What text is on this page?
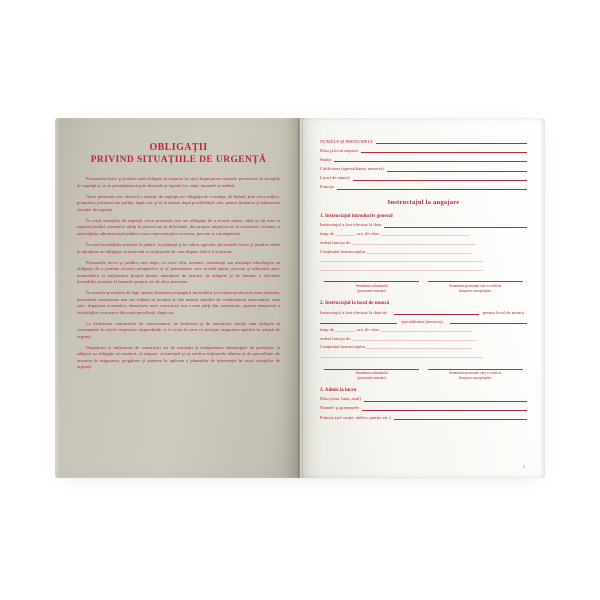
OBLIGAȚII
PRIVIND SITUAȚIILE DE URGENȚĂ

Persoanele fizice şi juridice sunt obligate să respecte în orice împrejurare normele preventive în situaţiile de urgenţă şi să nu primejduiască prin deciziile şi faptele lor, viaţa, bunurile şi mediul.

Orice persoană care observă o situaţie de urgenţă are obligaţia de a anunţa, de îndată, prin orice mijloc, pompierii, primarul sau poliţia, după caz, şi să ia măsuri după posibilităţile sale, pentru limitarea şi înlăturarea situaţiei de urgenţă.

În cazul situaţiilor de urgenţă, orice persoană care are obligaţia de a acorda ajutor, când şi cât este cu raţional posibil, semenilor aflaţi în pericol sau în dificultate, din proprie iniţiativă ori la solicitarea victimei, a autorităţilor administraţiei publice sau a reprezentaţilor acestora, precum şi a pompierilor.

În cazul incendiilor produse la păduri, la plantaţii şi la culturi agricole, persoanele fizice şi juridice aflate în apropiere au obligaţia să intervină cu mijloacele de care dispun, fără a fi solicitate.

Persoanele fizice şi juridice care deţin, cu orice titlu, terenuri, construcţii sau instalaţii tehnologice au obligaţia de a permite accesul pompierilor şi al persoanelor care acordă ajutor, precum şi utilizarea apei, materialelor şi mijloacelor proprii pentru operaţiuni de salvare, de atingere şi de limitare a efectelor incendiilor produse la bunurile proprii ori ale altor persoane.

În cazurile prevăzute de lege, pentru limitarea propagării incendiilor şi evitarea producerii unui dezastru, persoanele menţionate mai sus trebuie să accepte şi alte măsuri stabilite de conducătorul intervenţiei, cum sunt: degajarea terenurilor, demolarea unei construcţii sau a unei părţi din construcţie, oprirea temporară a activităţilor, evacuarea din zona periclitată, după caz.

La încheierea contractelor de concesionare, de închiriere şi de antrepriză, părţile sunt obligate să consemneze în actele respective răspunderile ce le revin în ceea ce priveşte asigurarea apărării în situaţii de urgenţă.

Deţinătorii şi utilizatorii de construcţii ori de instalaţii şi echipamente tehnologice de producţie, şi adăpost au obligaţia să conducă, să asigure, să întreţină şi să verifice mijloacele tehnice şi de specialitate ale acestora în asigurarea, pregătirea şi punerea în aplicare a planurilor de intervenţie în cazul situaţiilor de urgenţă.

NUMELE ŞI PRENUMELE
Data şi locul naşterii
Studii
Calificarea (specialitatea, meseria)
Locul de muncă
Funcţia
Instructajul la angajare
1. Instructajul introductiv general
Instructajul a fost efectuat la data
timp de _________ ore, de către _______________________________________
având funcţia de ______________________________________________________
Conţinutul instructajului ______________________________________________
_______________________________________________________________________
_______________________________________________________________________
Semnătura salariatului
(persoanei instruite)
Semnătura persoanei care a verificat
însuşirea cunoştinţelor
2. Instructajul la locul de muncă
Instructajul a fost efectuat la data de	pentru locul de muncă
specialitatea (meseria)
timp de _________ ore, de către ________________________________________
având funcţia de ______________________________________________________
Conţinutul instructajului ______________________________________________
_______________________________________________________________________
Semnătura salariatului
(persoanei instruite)
Semnătura persoanei care a verificat
însuşirea cunoştinţelor
3. Admis la lucru
Data (ziua, luna, anul)
Numele şi prenumele
Funcţia (şef secţie, atelier, şantier etc.)
1
